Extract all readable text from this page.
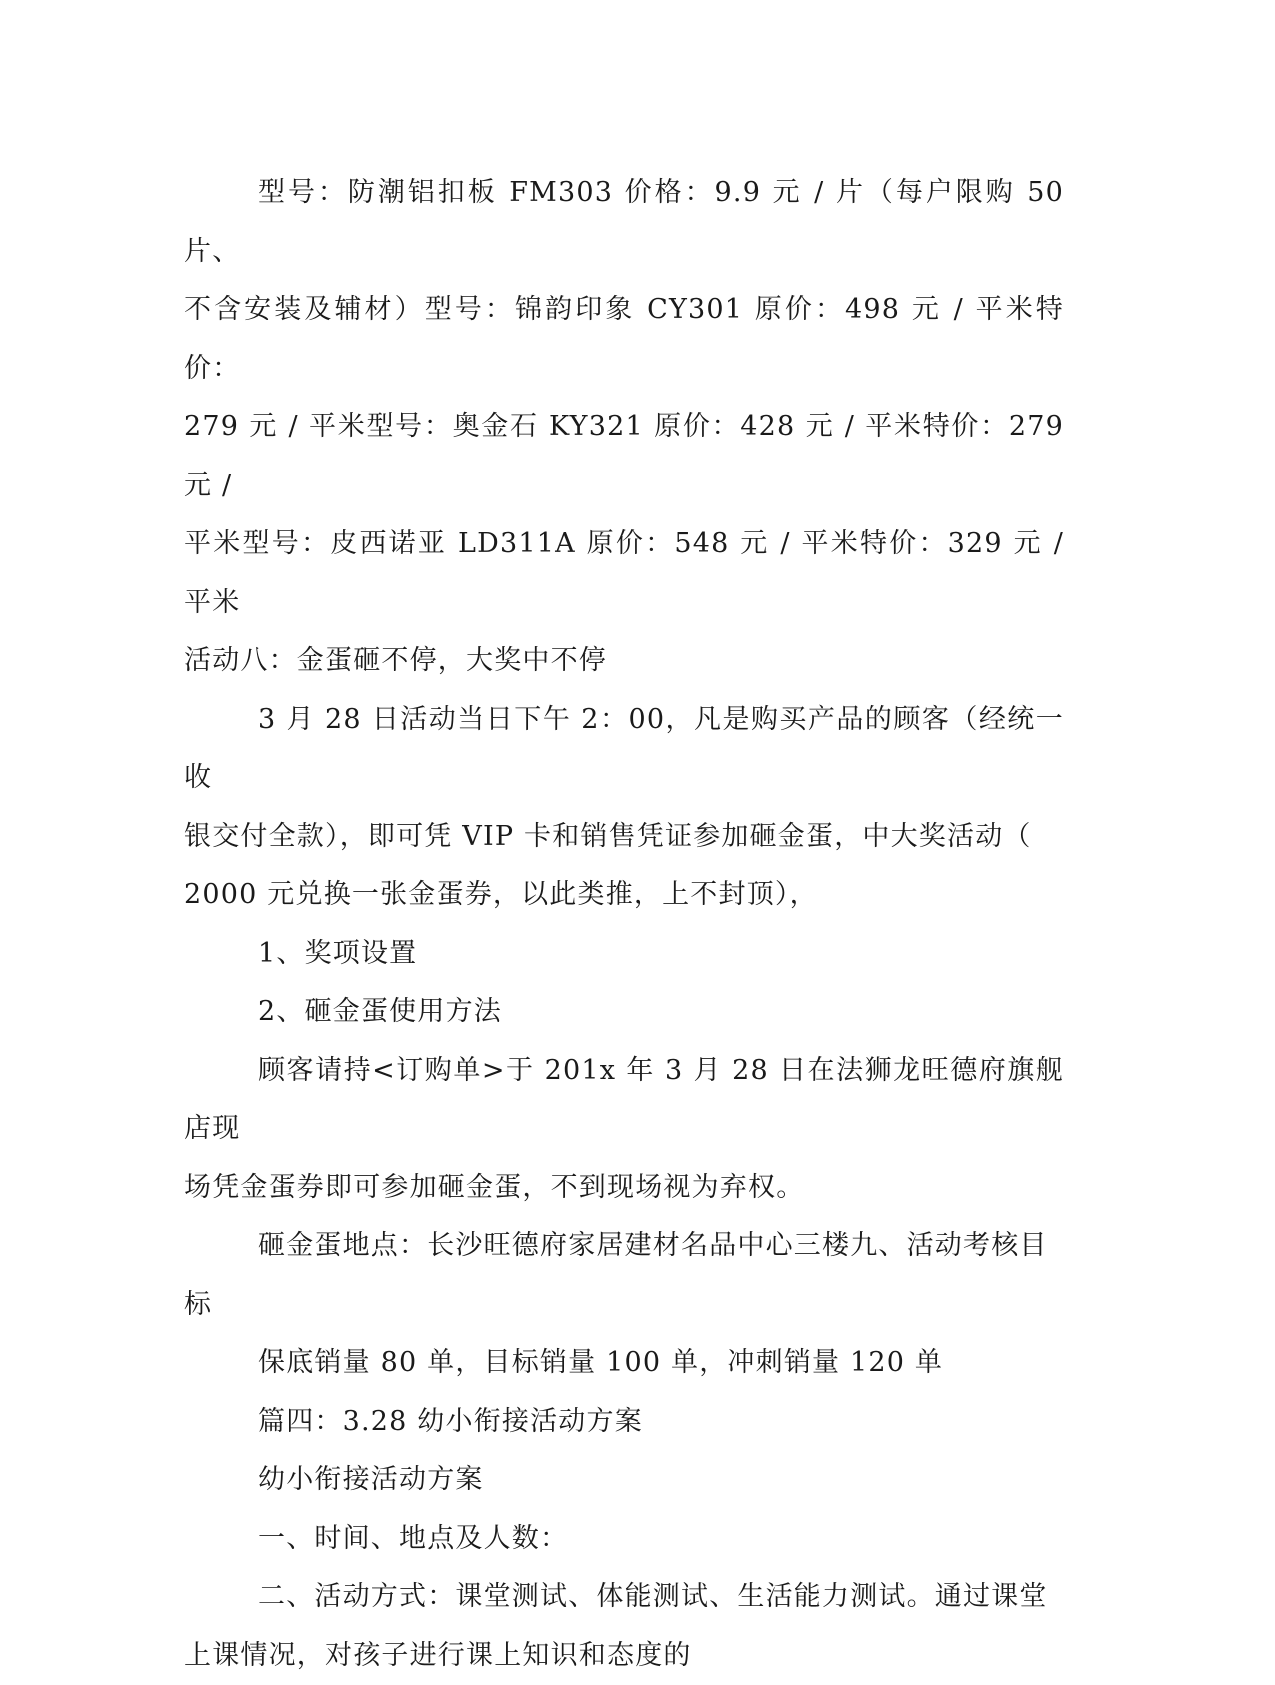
型号：防潮铝扣板 FM303 价格：9.9 元 / 片（每户限购 50 片、
不含安装及辅材）型号：锦韵印象 CY301 原价：498 元 / 平米特价：
279 元 / 平米型号：奥金石 KY321 原价：428 元 / 平米特价：279 元 /
平米型号：皮西诺亚 LD311A 原价：548 元 / 平米特价：329 元 / 平米
活动八：金蛋砸不停，大奖中不停

3 月 28 日活动当日下午 2：00，凡是购买产品的顾客（经统一收
银交付全款），即可凭 VIP 卡和销售凭证参加砸金蛋，中大奖活动（
2000 元兑换一张金蛋券，以此类推，上不封顶），

1、奖项设置

2、砸金蛋使用方法

顾客请持<订购单>于 201x 年 3 月 28 日在法狮龙旺德府旗舰店现
场凭金蛋券即可参加砸金蛋，不到现场视为弃权。

砸金蛋地点：长沙旺德府家居建材名品中心三楼九、活动考核目
标

保底销量 80 单，目标销量 100 单，冲刺销量 120 单

篇四：3.28 幼小衔接活动方案

幼小衔接活动方案

一、时间、地点及人数：

二、活动方式：课堂测试、体能测试、生活能力测试。通过课堂
上课情况，对孩子进行课上知识和态度的
